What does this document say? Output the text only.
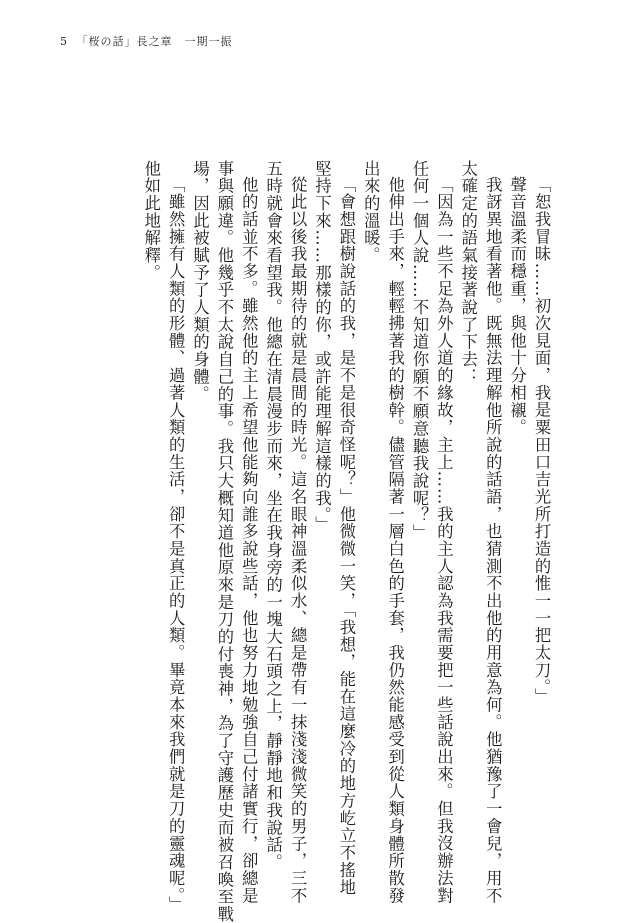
5 「桜の話」長之章　一期一振
「恕我冒昧……初次見面，我是粟田口吉光所打造的惟一一把太刀。」
聲音溫柔而穩重，與他十分相襯。
我訝異地看著他。既無法理解他所說的話語，也猜測不出他的用意為何。他猶豫了一會兒，用不
太確定的語氣接著說了下去：
「因為一些不足為外人道的緣故，主上……我的主人認為我需要把一些話說出來。但我沒辦法對
任何一個人說……不知道你願不願意聽我說呢？」
他伸出手來，輕輕拂著我的樹幹。儘管隔著一層白色的手套，我仍然能感受到從人類身體所散發
出來的溫暖。
「會想跟樹說話的我，是不是很奇怪呢？」他微微一笑，「我想，能在這麼冷的地方屹立不搖地
堅持下來……那樣的你，或許能理解這樣的我。」
從此以後我最期待的就是晨間的時光。這名眼神溫柔似水、總是帶有一抹淺淺微笑的男子，三不
五時就會來看望我。他總在清晨漫步而來，坐在我身旁的一塊大石頭之上，靜靜地和我說話。
他的話並不多。雖然他的主上希望他能夠向誰多說些話，他也努力地勉強自己付諸實行，卻總是
事與願違。他幾乎不太說自己的事。我只大概知道他原來是刀的付喪神，為了守護歷史而被召喚至戰
場，因此被賦予了人類的身體。
「雖然擁有人類的形體、過著人類的生活，卻不是真正的人類。畢竟本來我們就是刀的靈魂呢。」
他如此地解釋。
